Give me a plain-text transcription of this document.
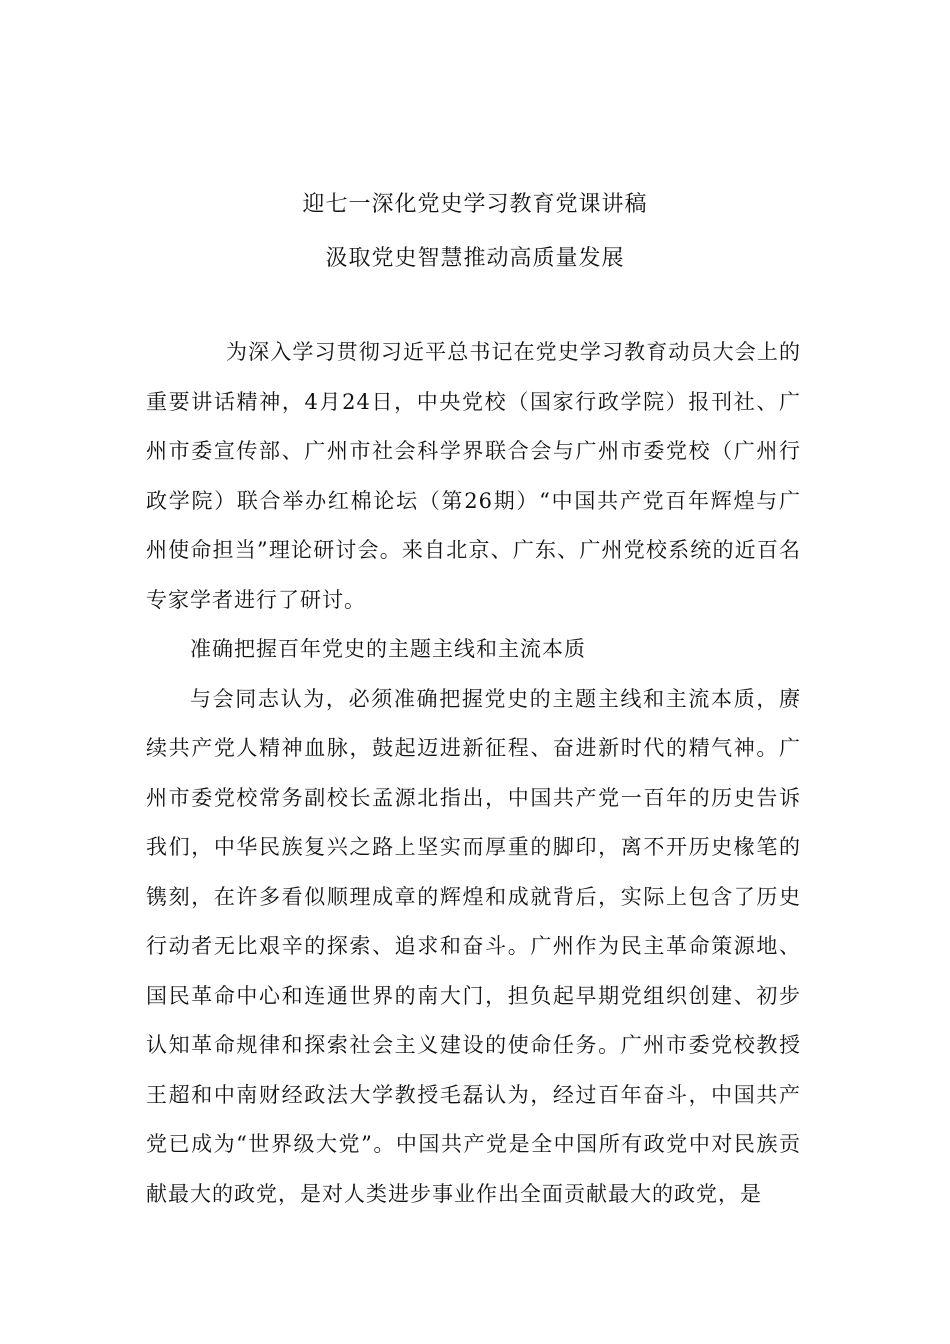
迎七一深化党史学习教育党课讲稿
汲取党史智慧推动高质量发展

为深入学习贯彻习近平总书记在党史学习教育动员大会上的重要讲话精神，4月24日，中央党校（国家行政学院）报刊社、广州市委宣传部、广州市社会科学界联合会与广州市委党校（广州行政学院）联合举办红棉论坛（第26期）“中国共产党百年辉煌与广州使命担当”理论研讨会。来自北京、广东、广州党校系统的近百名专家学者进行了研讨。

准确把握百年党史的主题主线和主流本质

与会同志认为，必须准确把握党史的主题主线和主流本质，赓续共产党人精神血脉，鼓起迈进新征程、奋进新时代的精气神。广州市委党校常务副校长孟源北指出，中国共产党一百年的历史告诉我们，中华民族复兴之路上坚实而厚重的脚印，离不开历史椽笔的镌刻，在许多看似顺理成章的辉煌和成就背后，实际上包含了历史行动者无比艰辛的探索、追求和奋斗。广州作为民主革命策源地、国民革命中心和连通世界的南大门，担负起早期党组织创建、初步认知革命规律和探索社会主义建设的使命任务。广州市委党校教授王超和中南财经政法大学教授毛磊认为，经过百年奋斗，中国共产党已成为“世界级大党”。中国共产党是全中国所有政党中对民族贡献最大的政党，是对人类进步事业作出全面贡献最大的政党，是
